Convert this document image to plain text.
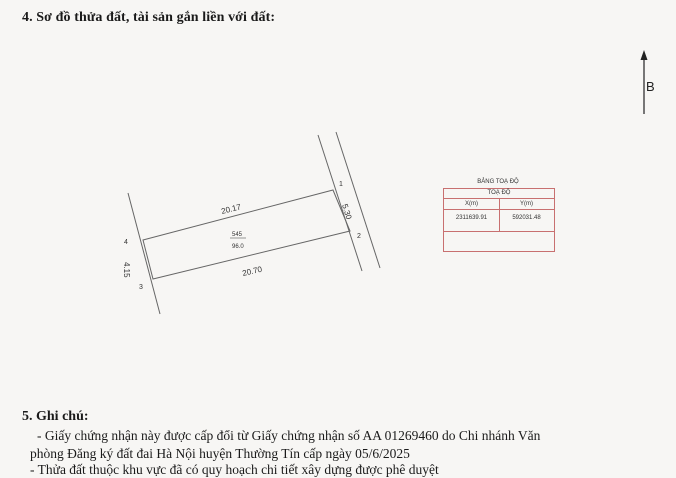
4. Sơ đồ thửa đất, tài sản gắn liền với đất:
B
20.17
20.70
5.30
4.15
1
2
3
4
545
96.0
BẢNG TOẠ ĐỘ
TOẠ ĐỘ
X(m)	Y(m)
2311639.91	592031.48
5. Ghi chú:
- Giấy chứng nhận này được cấp đổi từ Giấy chứng nhận số AA 01269460 do Chi nhánh Văn
phòng Đăng ký đất đai Hà Nội huyện Thường Tín cấp ngày 05/6/2025
- Thửa đất thuộc khu vực đã có quy hoạch chi tiết xây dựng được phê duyệt
